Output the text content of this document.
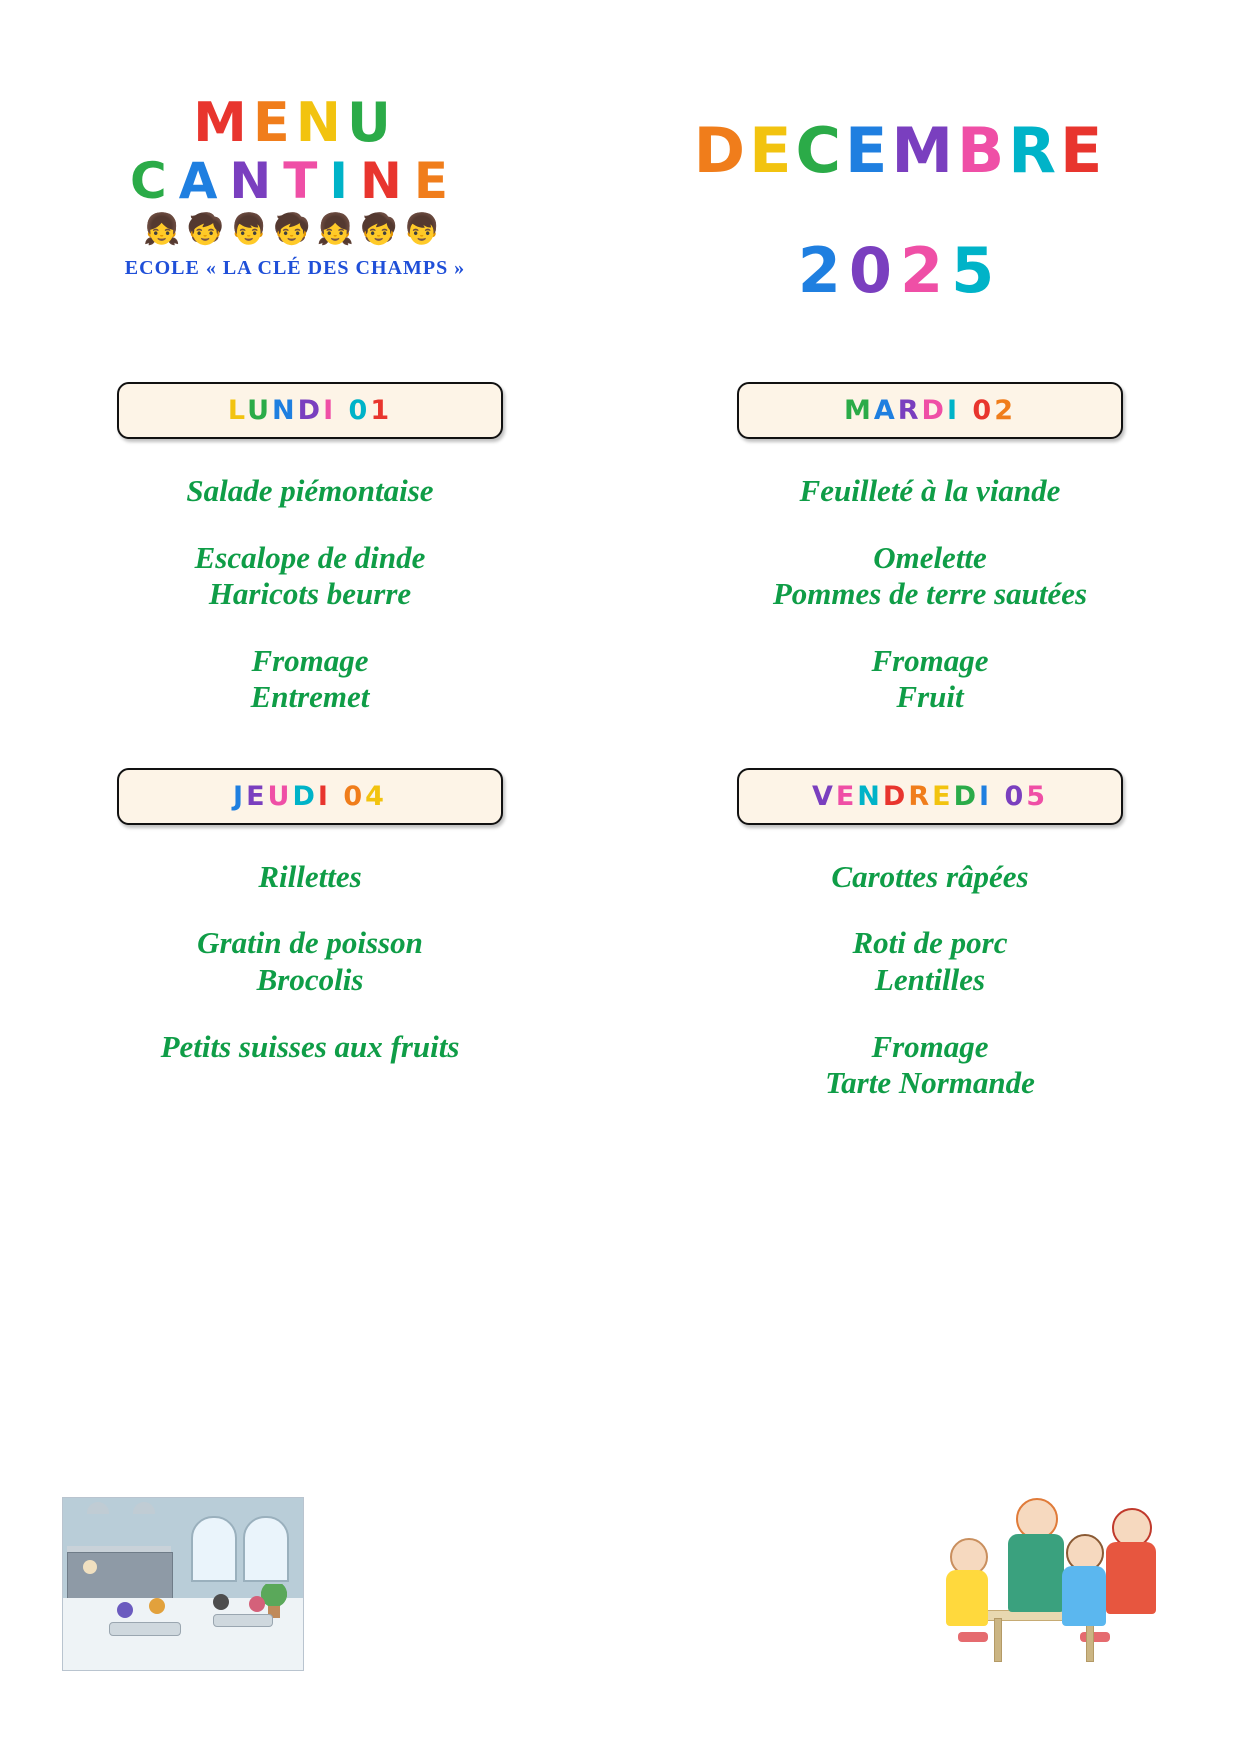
MENU
CANTINE
👧🧒👦🧒👧🧒👦
ECOLE « LA CLÉ DES CHAMPS »
DECEMBRE
2025
LUNDI 01
Salade piémontaise
Escalope de dinde
Haricots beurre
Fromage
Entremet
MARDI 02
Feuilleté à la viande
Omelette
Pommes de terre sautées
Fromage
Fruit
JEUDI 04
Rillettes
Gratin de poisson
Brocolis
Petits suisses aux fruits
VENDREDI 05
Carottes râpées
Roti de porc
Lentilles
Fromage
Tarte Normande
